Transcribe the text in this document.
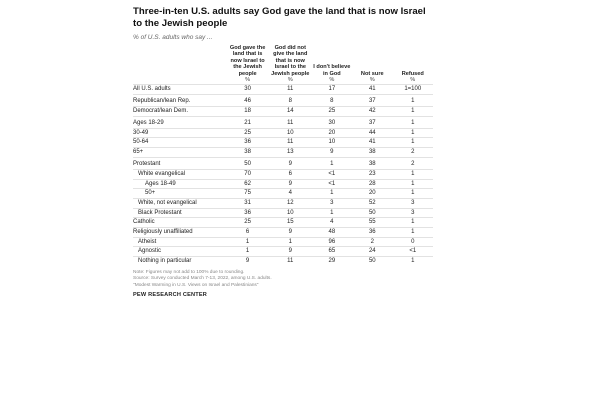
Three-in-ten U.S. adults say God gave the land that is now Israel to the Jewish people
% of U.S. adults who say ...
	God gave the land that is now Israel to the Jewish people	God did not give the land that is now Israel to the Jewish people	I don't believe in God	Not sure	Refused
	%	%	%	%	%
All U.S. adults	30	11	17	41	1=100
Republican/lean Rep.	46	8	8	37	1
Democrat/lean Dem.	18	14	25	42	1
Ages 18-29	21	11	30	37	1
30-49	25	10	20	44	1
50-64	36	11	10	41	1
65+	38	13	9	38	2
Protestant	50	9	1	38	2
White evangelical	70	6	<1	23	1
Ages 18-49	62	9	<1	28	1
50+	75	4	1	20	1
White, not evangelical	31	12	3	52	3
Black Protestant	36	10	1	50	3
Catholic	25	15	4	55	1
Religiously unaffiliated	6	9	48	36	1
Atheist	1	1	96	2	0
Agnostic	1	9	65	24	<1
Nothing in particular	9	11	29	50	1
Note: Figures may not add to 100% due to rounding.
Source: Survey conducted March 7-13, 2022, among U.S. adults.
"Modest Warming in U.S. Views on Israel and Palestinians"
PEW RESEARCH CENTER
